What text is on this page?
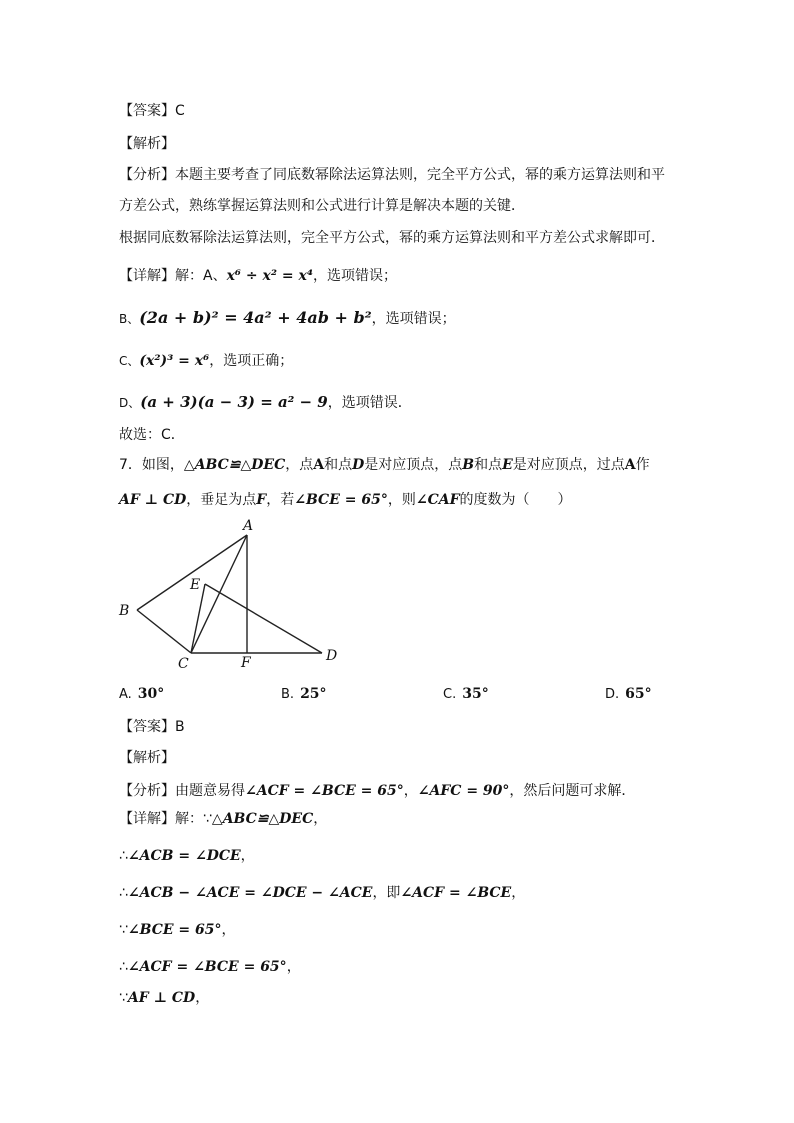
【答案】C
【解析】
【分析】本题主要考查了同底数幂除法运算法则，完全平方公式，幂的乘方运算法则和平
方差公式，熟练掌握运算法则和公式进行计算是解决本题的关键．
根据同底数幂除法运算法则，完全平方公式，幂的乘方运算法则和平方差公式求解即可．
【详解】解：A、x⁶ ÷ x² = x⁴，选项错误；
B、(2a + b)² = 4a² + 4ab + b²，选项错误；
C、(x²)³ = x⁶，选项正确；
D、(a + 3)(a − 3) = a² − 9，选项错误．
故选：C．
7．如图，△ABC≌△DEC，点A和点D是对应顶点，点B和点E是对应顶点，过点A作
AF ⊥ CD，垂足为点F，若∠BCE = 65°，则∠CAF的度数为（　　）
A
B
C	D
E
F
A. 30°	B. 25°	C. 35°	D. 65°
【答案】B
【解析】
【分析】由题意易得∠ACF = ∠BCE = 65°，∠AFC = 90°，然后问题可求解．
【详解】解：∵△ABC≌△DEC，
∴∠ACB = ∠DCE，
∴∠ACB − ∠ACE = ∠DCE − ∠ACE，即∠ACF = ∠BCE，
∵∠BCE = 65°，
∴∠ACF = ∠BCE = 65°，
∵AF ⊥ CD，
